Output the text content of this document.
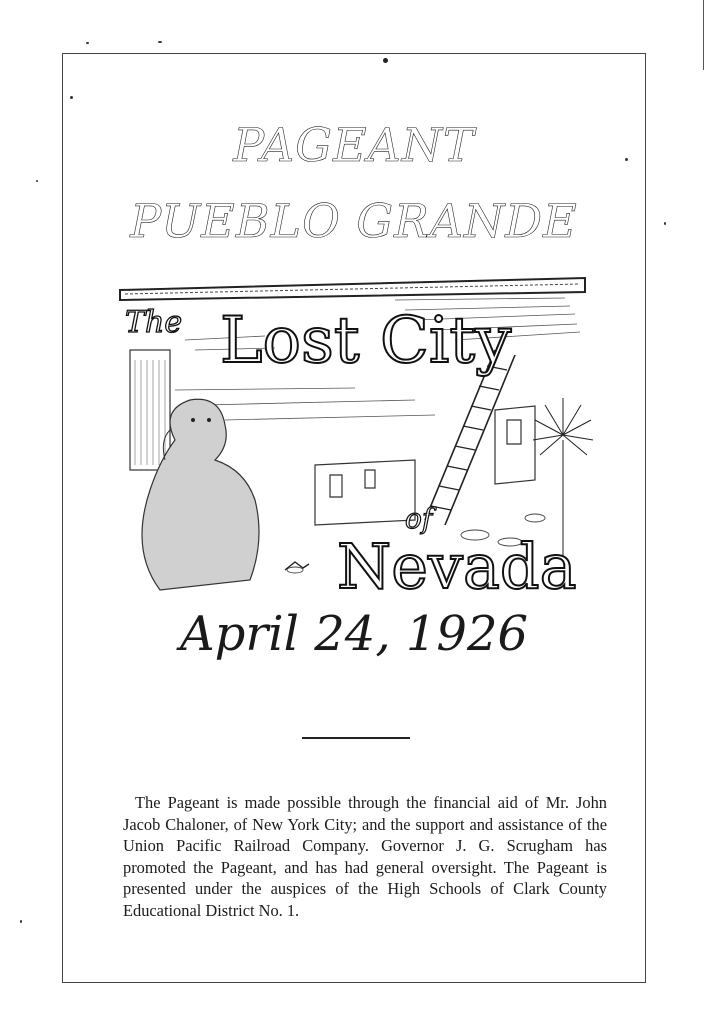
PAGEANT
PUEBLO GRANDE
The Lost City
of
Nevada
April 24, 1926
The Pageant is made possible through the financial aid of Mr. John Jacob Chaloner, of New York City; and the support and assistance of the Union Pacific Railroad Company. Governor J. G. Scrugham has promoted the Pageant, and has had general oversight. The Pageant is presented under the auspices of the High Schools of Clark County Educational District No. 1.
